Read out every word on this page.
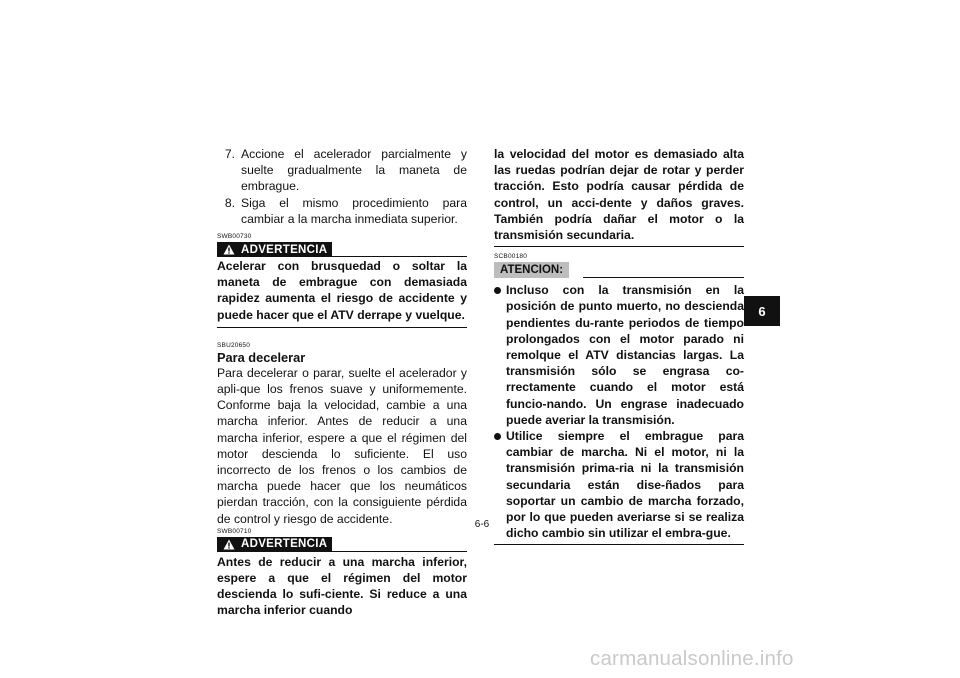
7. Accione el acelerador parcialmente y suelte gradualmente la maneta de embrague.
8. Siga el mismo procedimiento para cambiar a la marcha inmediata superior.
SWB00730
ADVERTENCIA
Acelerar con brusquedad o soltar la maneta de embrague con demasiada rapidez aumenta el riesgo de accidente y puede hacer que el ATV derrape y vuelque.
SBU20650
Para decelerar
Para decelerar o parar, suelte el acelerador y apli-que los frenos suave y uniformemente. Conforme baja la velocidad, cambie a una marcha inferior. Antes de reducir a una marcha inferior, espere a que el régimen del motor descienda lo suficiente. El uso incorrecto de los frenos o los cambios de marcha puede hacer que los neumáticos pierdan tracción, con la consiguiente pérdida de control y riesgo de accidente.
SWB00710
ADVERTENCIA
Antes de reducir a una marcha inferior, espere a que el régimen del motor descienda lo sufi-ciente. Si reduce a una marcha inferior cuando
la velocidad del motor es demasiado alta las ruedas podrían dejar de rotar y perder tracción. Esto podría causar pérdida de control, un acci-dente y daños graves. También podría dañar el motor o la transmisión secundaria.
SCB00180
ATENCION:
Incluso con la transmisión en la posición de punto muerto, no descienda pendientes du-rante periodos de tiempo prolongados con el motor parado ni remolque el ATV distancias largas. La transmisión sólo se engrasa co-rrectamente cuando el motor está funcio-nando. Un engrase inadecuado puede averiar la transmisión.
Utilice siempre el embrague para cambiar de marcha. Ni el motor, ni la transmisión prima-ria ni la transmisión secundaria están dise-ñados para soportar un cambio de marcha forzado, por lo que pueden averiarse si se realiza dicho cambio sin utilizar el embra-gue.
6
6-6
carmanualsonline.info
